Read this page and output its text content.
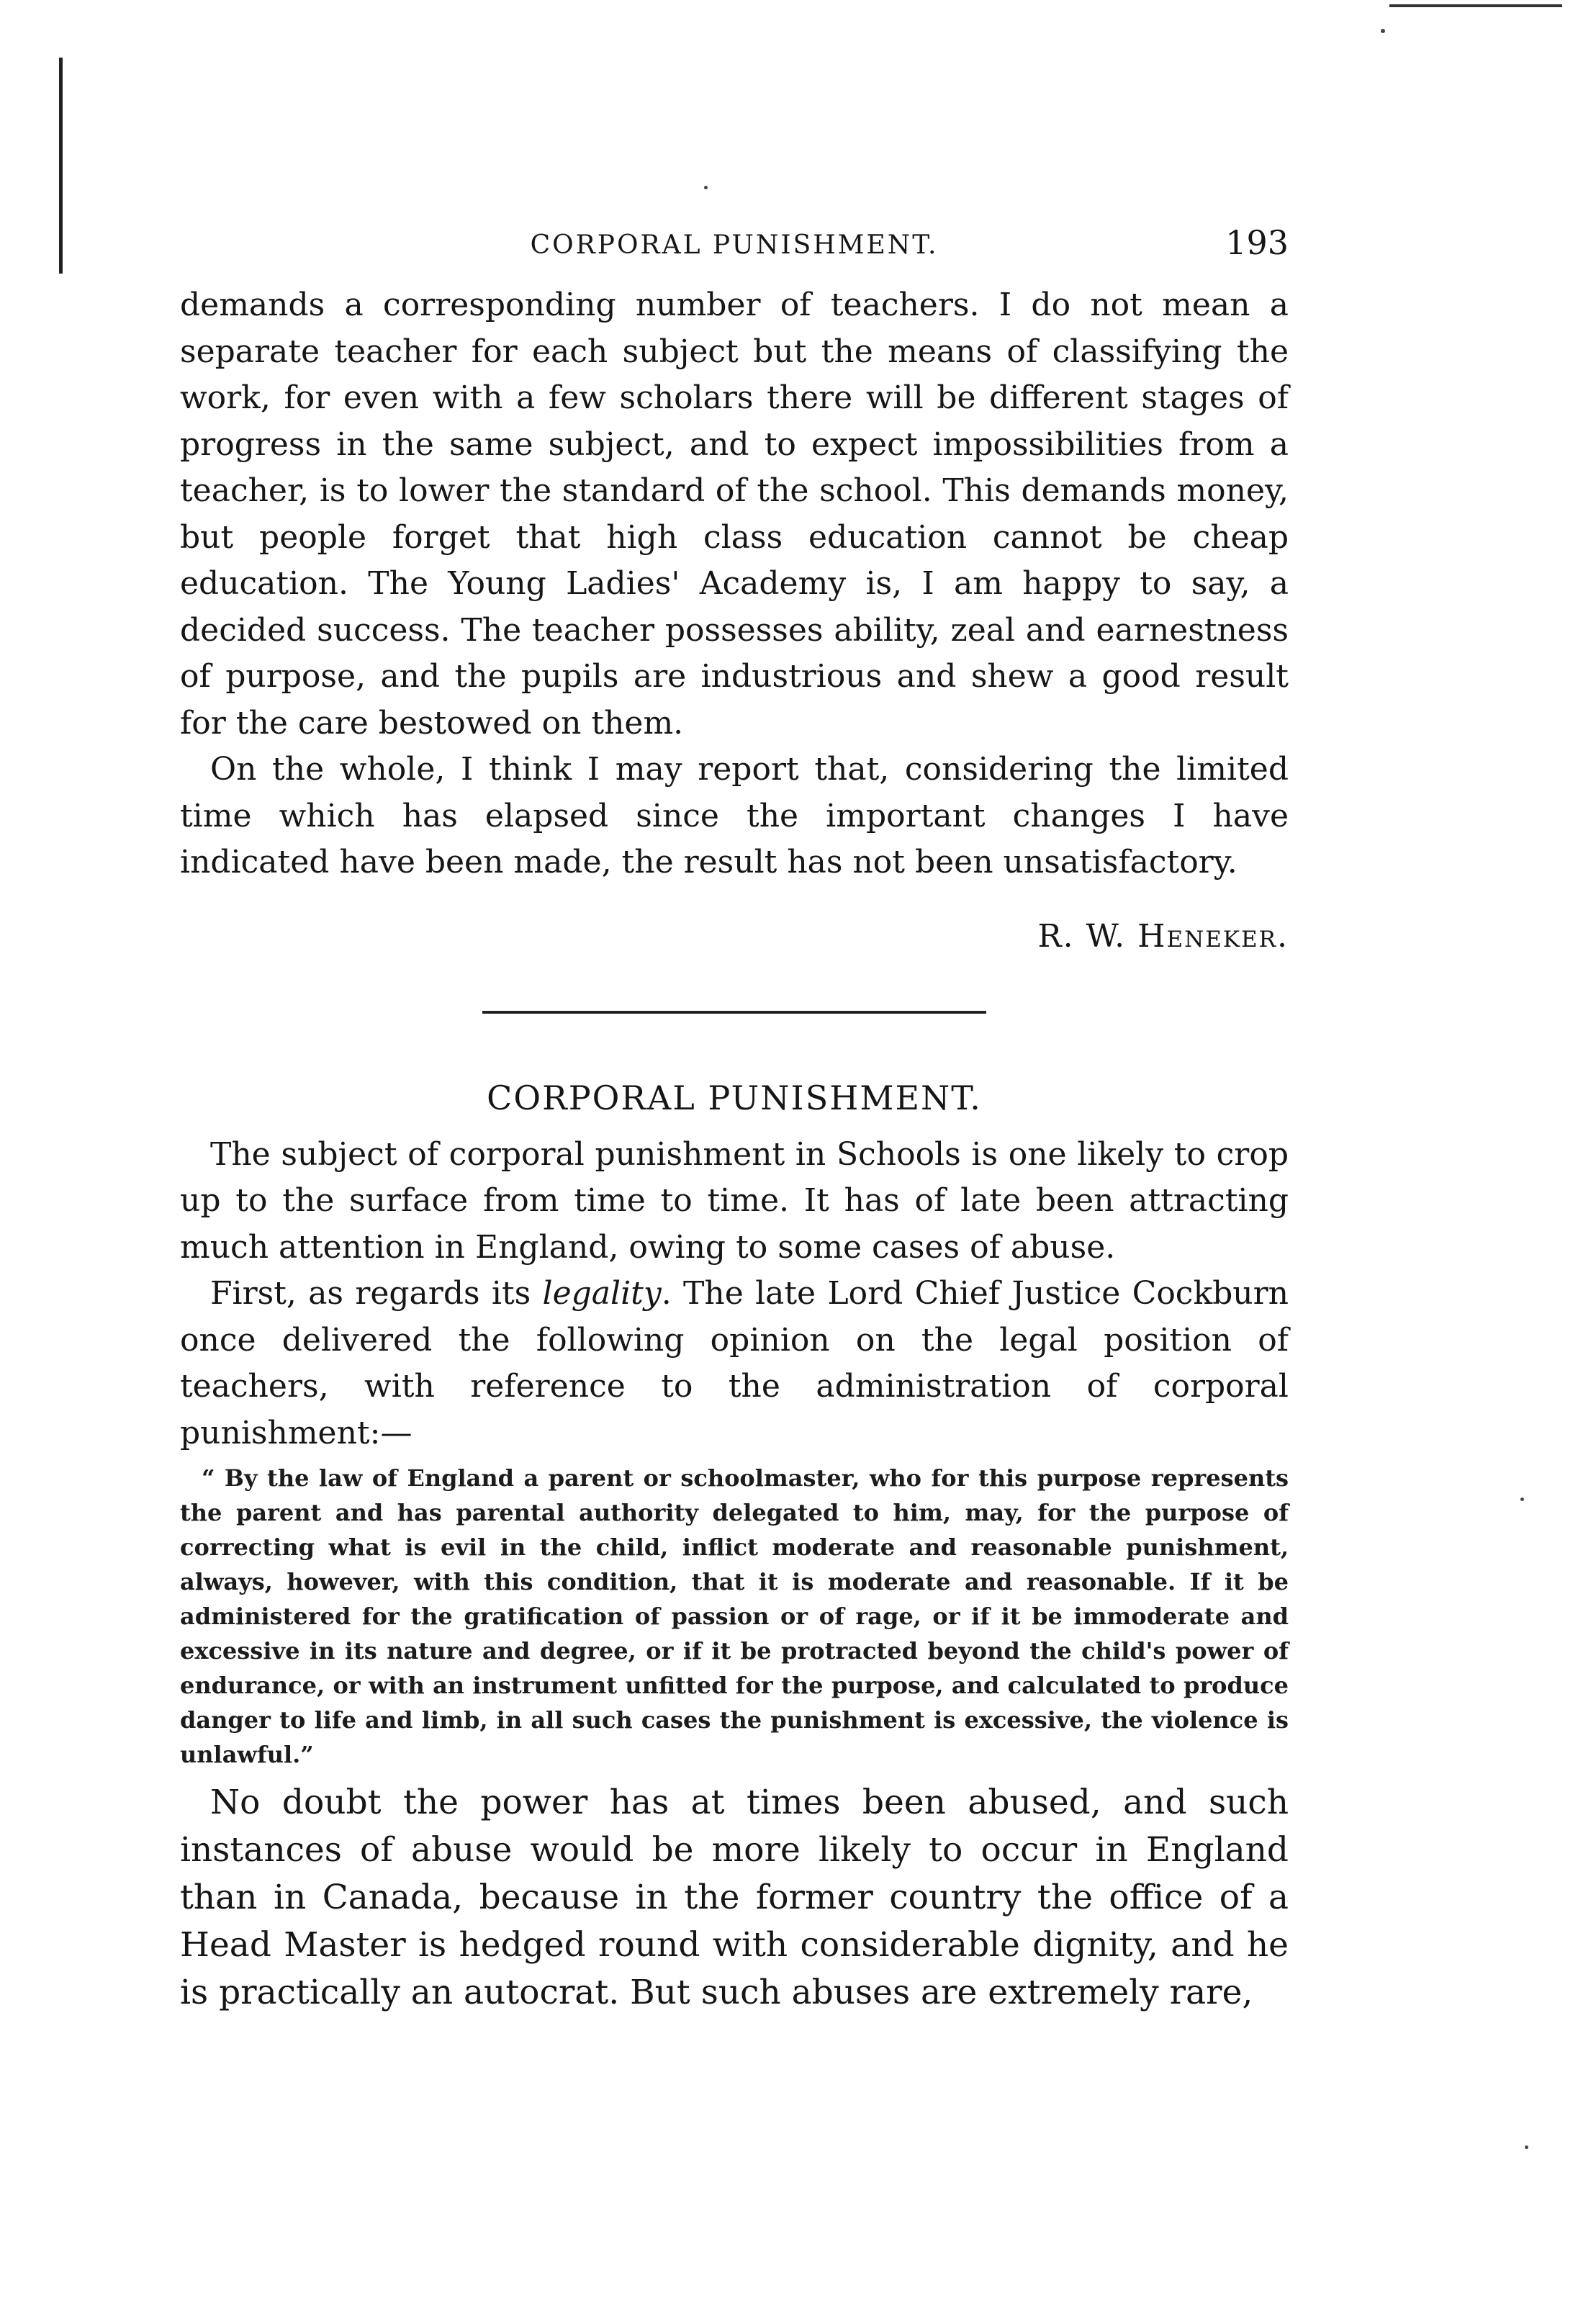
CORPORAL PUNISHMENT.	193

demands a corresponding number of teachers. I do not mean a separate teacher for each subject but the means of classifying the work, for even with a few scholars there will be different stages of progress in the same subject, and to expect impossibilities from a teacher, is to lower the standard of the school. This demands money, but people forget that high class education cannot be cheap education. The Young Ladies' Academy is, I am happy to say, a decided success. The teacher possesses ability, zeal and earnestness of purpose, and the pupils are industrious and shew a good result for the care bestowed on them.

On the whole, I think I may report that, considering the limited time which has elapsed since the important changes I have indicated have been made, the result has not been unsatisfactory.

R. W. Heneker.
CORPORAL PUNISHMENT.

The subject of corporal punishment in Schools is one likely to crop up to the surface from time to time. It has of late been attracting much attention in England, owing to some cases of abuse.

First, as regards its legality. The late Lord Chief Justice Cockburn once delivered the following opinion on the legal position of teachers, with reference to the administration of corporal punishment:—

“ By the law of England a parent or schoolmaster, who for this purpose represents the parent and has parental authority delegated to him, may, for the purpose of correcting what is evil in the child, inflict moderate and reasonable punishment, always, however, with this condition, that it is moderate and reasonable. If it be administered for the gratification of passion or of rage, or if it be immoderate and excessive in its nature and degree, or if it be protracted beyond the child's power of endurance, or with an instrument unfitted for the purpose, and calculated to produce danger to life and limb, in all such cases the punishment is excessive, the violence is unlawful.”

No doubt the power has at times been abused, and such instances of abuse would be more likely to occur in England than in Canada, because in the former country the office of a Head Master is hedged round with considerable dignity, and he is practically an autocrat. But such abuses are extremely rare,
